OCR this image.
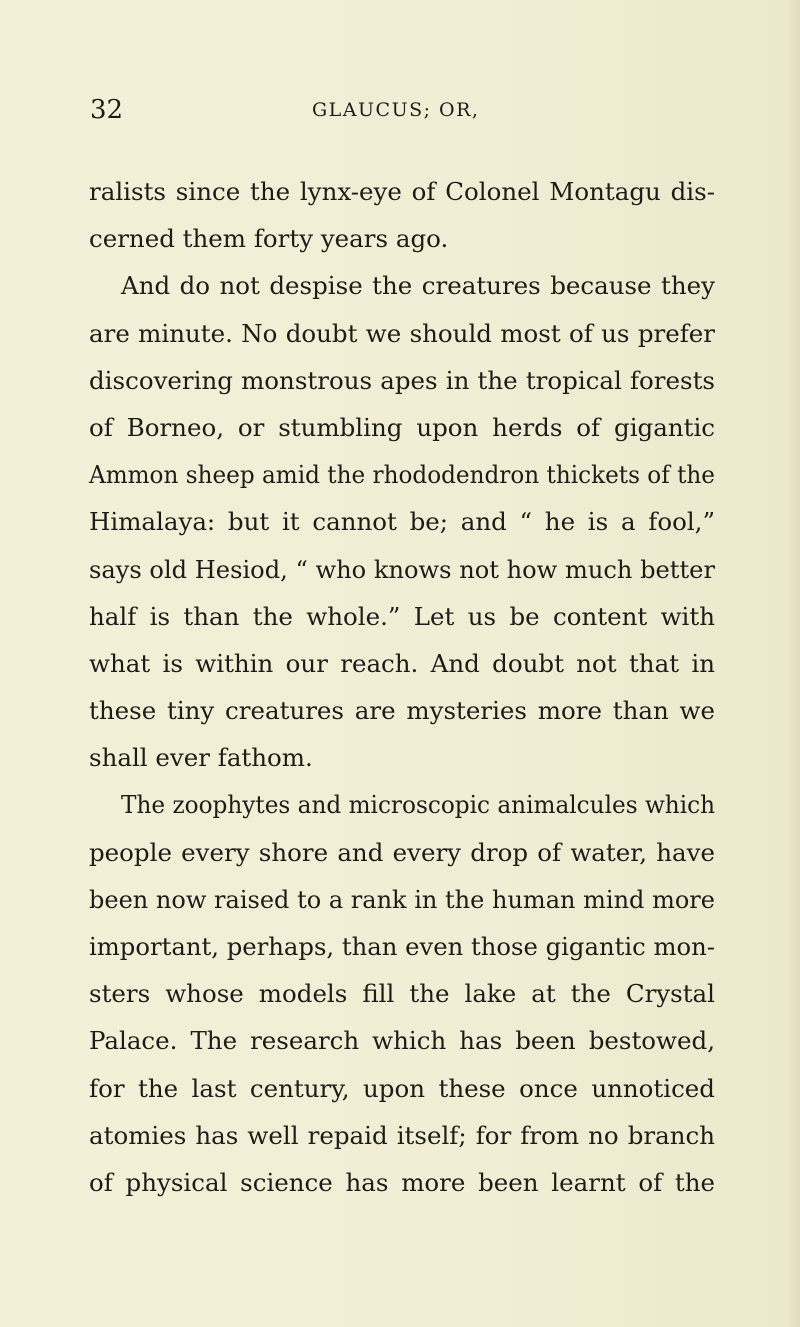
32	GLAUCUS; OR,
ralists since the lynx-eye of Colonel Montagu dis-
cerned them forty years ago.
And do not despise the creatures because they
are minute. No doubt we should most of us prefer
discovering monstrous apes in the tropical forests
of Borneo, or stumbling upon herds of gigantic
Ammon sheep amid the rhododendron thickets of the
Himalaya: but it cannot be; and “ he is a fool,”
says old Hesiod, “ who knows not how much better
half is than the whole.” Let us be content with
what is within our reach. And doubt not that in
these tiny creatures are mysteries more than we
shall ever fathom.
The zoophytes and microscopic animalcules which
people every shore and every drop of water, have
been now raised to a rank in the human mind more
important, perhaps, than even those gigantic mon-
sters whose models fill the lake at the Crystal
Palace. The research which has been bestowed,
for the last century, upon these once unnoticed
atomies has well repaid itself; for from no branch
of physical science has more been learnt of the
